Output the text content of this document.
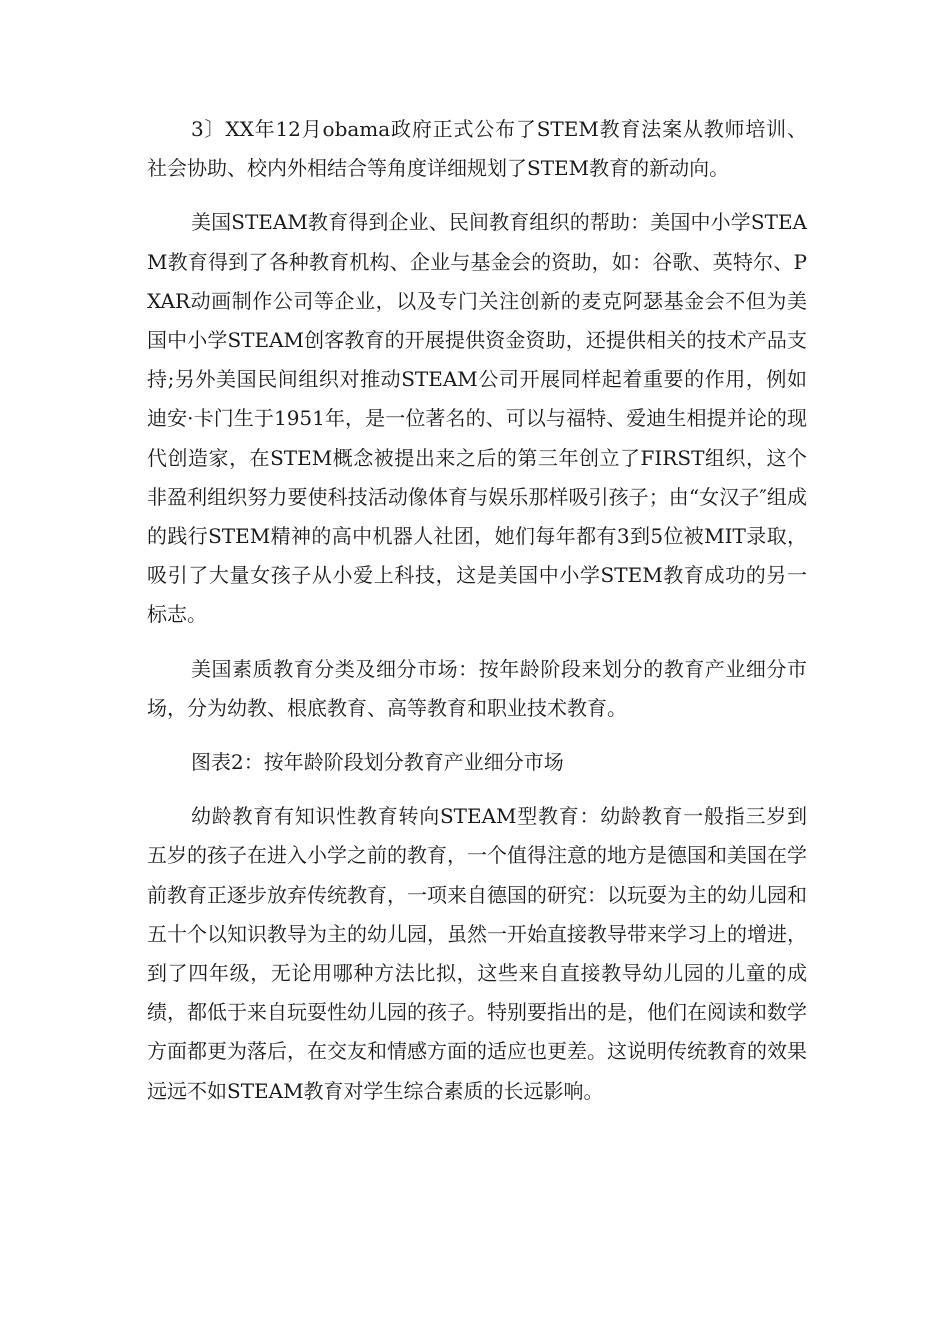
3〕XX年12月obama政府正式公布了STEM教育法案从教师培训、社会协助、校内外相结合等角度详细规划了STEM教育的新动向。

美国STEAM教育得到企业、民间教育组织的帮助：美国中小学STEAM教育得到了各种教育机构、企业与基金会的资助，如：谷歌、英特尔、PXAR动画制作公司等企业，以及专门关注创新的麦克阿瑟基金会不但为美国中小学STEAM创客教育的开展提供资金资助，还提供相关的技术产品支持;另外美国民间组织对推动STEAM公司开展同样起着重要的作用，例如迪安·卡门生于1951年，是一位著名的、可以与福特、爱迪生相提并论的现代创造家，在STEM概念被提出来之后的第三年创立了FIRST组织，这个非盈利组织努力要使科技活动像体育与娱乐那样吸引孩子；由“女汉子″组成的践行STEM精神的高中机器人社团，她们每年都有3到5位被MIT录取，吸引了大量女孩子从小爱上科技，这是美国中小学STEM教育成功的另一标志。

美国素质教育分类及细分市场：按年龄阶段来划分的教育产业细分市场，分为幼教、根底教育、高等教育和职业技术教育。

图表2：按年龄阶段划分教育产业细分市场

幼龄教育有知识性教育转向STEAM型教育：幼龄教育一般指三岁到五岁的孩子在进入小学之前的教育，一个值得注意的地方是德国和美国在学前教育正逐步放弃传统教育，一项来自德国的研究：以玩耍为主的幼儿园和五十个以知识教导为主的幼儿园，虽然一开始直接教导带来学习上的增进，到了四年级，无论用哪种方法比拟，这些来自直接教导幼儿园的儿童的成绩，都低于来自玩耍性幼儿园的孩子。特别要指出的是，他们在阅读和数学方面都更为落后，在交友和情感方面的适应也更差。这说明传统教育的效果远远不如STEAM教育对学生综合素质的长远影响。
